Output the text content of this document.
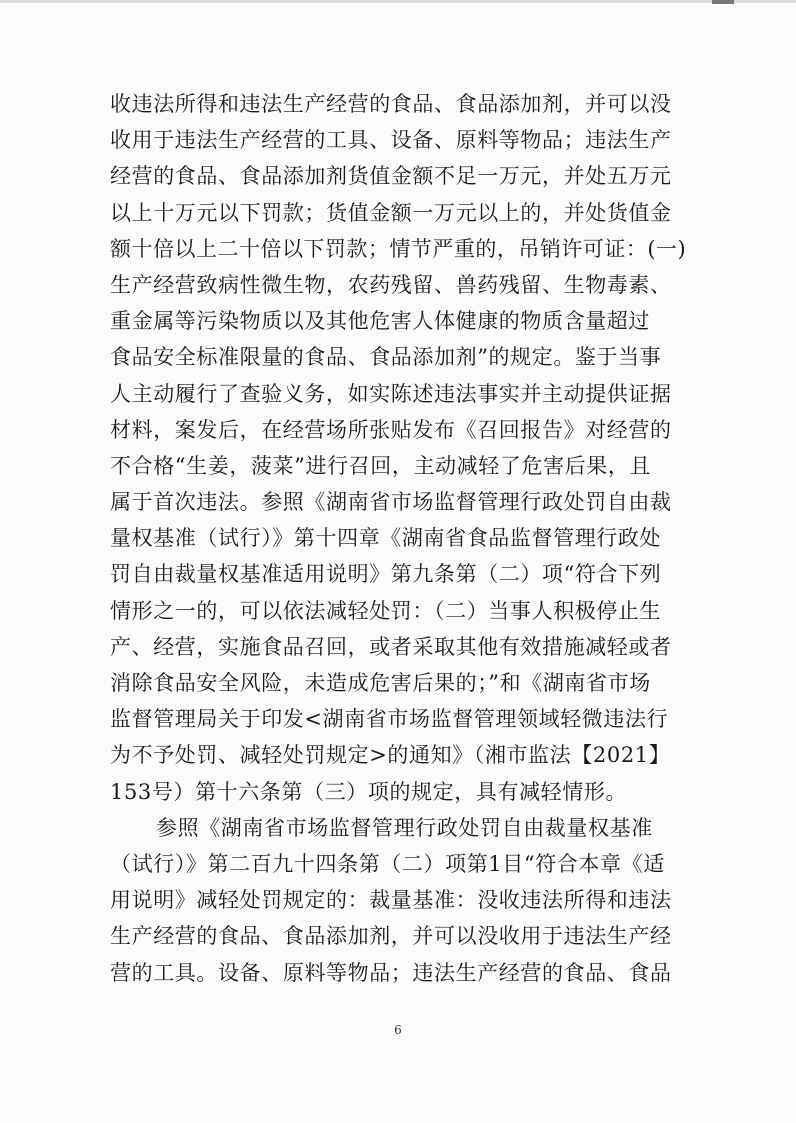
收违法所得和违法生产经营的食品、食品添加剂，并可以没
收用于违法生产经营的工具、设备、原料等物品；违法生产
经营的食品、食品添加剂货值金额不足一万元，并处五万元
以上十万元以下罚款；货值金额一万元以上的，并处货值金
额十倍以上二十倍以下罚款；情节严重的，吊销许可证：(一)
生产经营致病性微生物，农药残留、兽药残留、生物毒素、
重金属等污染物质以及其他危害人体健康的物质含量超过
食品安全标准限量的食品、食品添加剂”的规定。鉴于当事
人主动履行了查验义务，如实陈述违法事实并主动提供证据
材料，案发后，在经营场所张贴发布《召回报告》对经营的
不合格“生姜，菠菜”进行召回，主动减轻了危害后果，且
属于首次违法。参照《湖南省市场监督管理行政处罚自由裁
量权基准（试行）》第十四章《湖南省食品监督管理行政处
罚自由裁量权基准适用说明》第九条第（二）项“符合下列
情形之一的，可以依法减轻处罚：（二）当事人积极停止生
产、经营，实施食品召回，或者采取其他有效措施减轻或者
消除食品安全风险，未造成危害后果的；”和《湖南省市场
监督管理局关于印发<湖南省市场监督管理领域轻微违法行
为不予处罚、减轻处罚规定>的通知》（湘市监法【2021】
153号）第十六条第（三）项的规定，具有减轻情形。
参照《湖南省市场监督管理行政处罚自由裁量权基准
（试行）》第二百九十四条第（二）项第1目“符合本章《适
用说明》减轻处罚规定的：裁量基准：没收违法所得和违法
生产经营的食品、食品添加剂，并可以没收用于违法生产经
营的工具。设备、原料等物品；违法生产经营的食品、食品
6
